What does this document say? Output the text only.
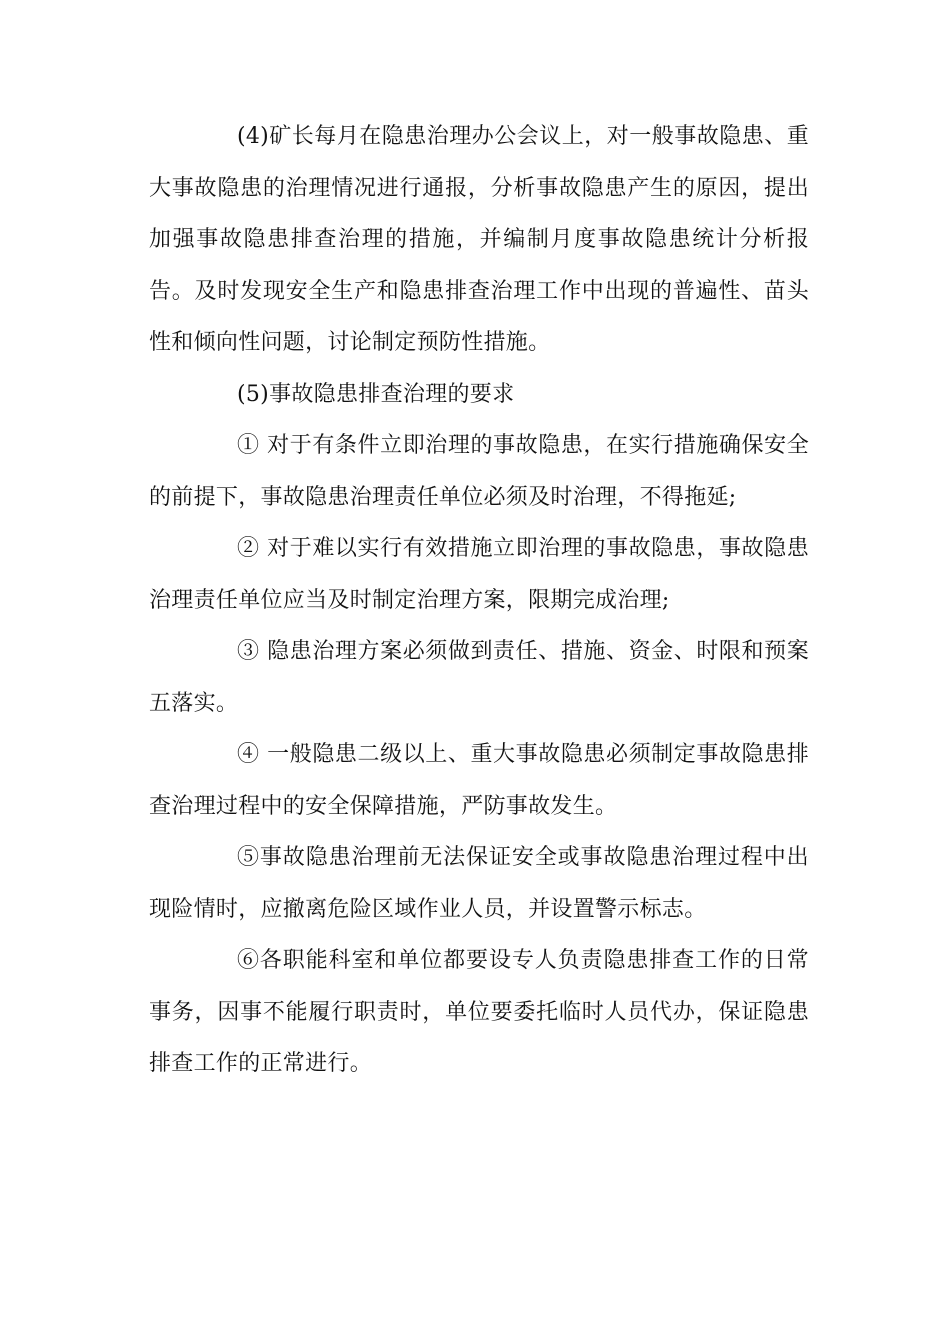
(4)矿长每月在隐患治理办公会议上，对一般事故隐患、重大事故隐患的治理情况进行通报，分析事故隐患产生的原因，提出加强事故隐患排查治理的措施，并编制月度事故隐患统计分析报告。及时发现安全生产和隐患排查治理工作中出现的普遍性、苗头性和倾向性问题，讨论制定预防性措施。

(5)事故隐患排查治理的要求

① 对于有条件立即治理的事故隐患，在实行措施确保安全的前提下，事故隐患治理责任单位必须及时治理，不得拖延;

② 对于难以实行有效措施立即治理的事故隐患，事故隐患治理责任单位应当及时制定治理方案，限期完成治理;

③ 隐患治理方案必须做到责任、措施、资金、时限和预案五落实。

④ 一般隐患二级以上、重大事故隐患必须制定事故隐患排查治理过程中的安全保障措施，严防事故发生。

⑤事故隐患治理前无法保证安全或事故隐患治理过程中出现险情时，应撤离危险区域作业人员，并设置警示标志。

⑥各职能科室和单位都要设专人负责隐患排查工作的日常事务，因事不能履行职责时，单位要委托临时人员代办，保证隐患排查工作的正常进行。
